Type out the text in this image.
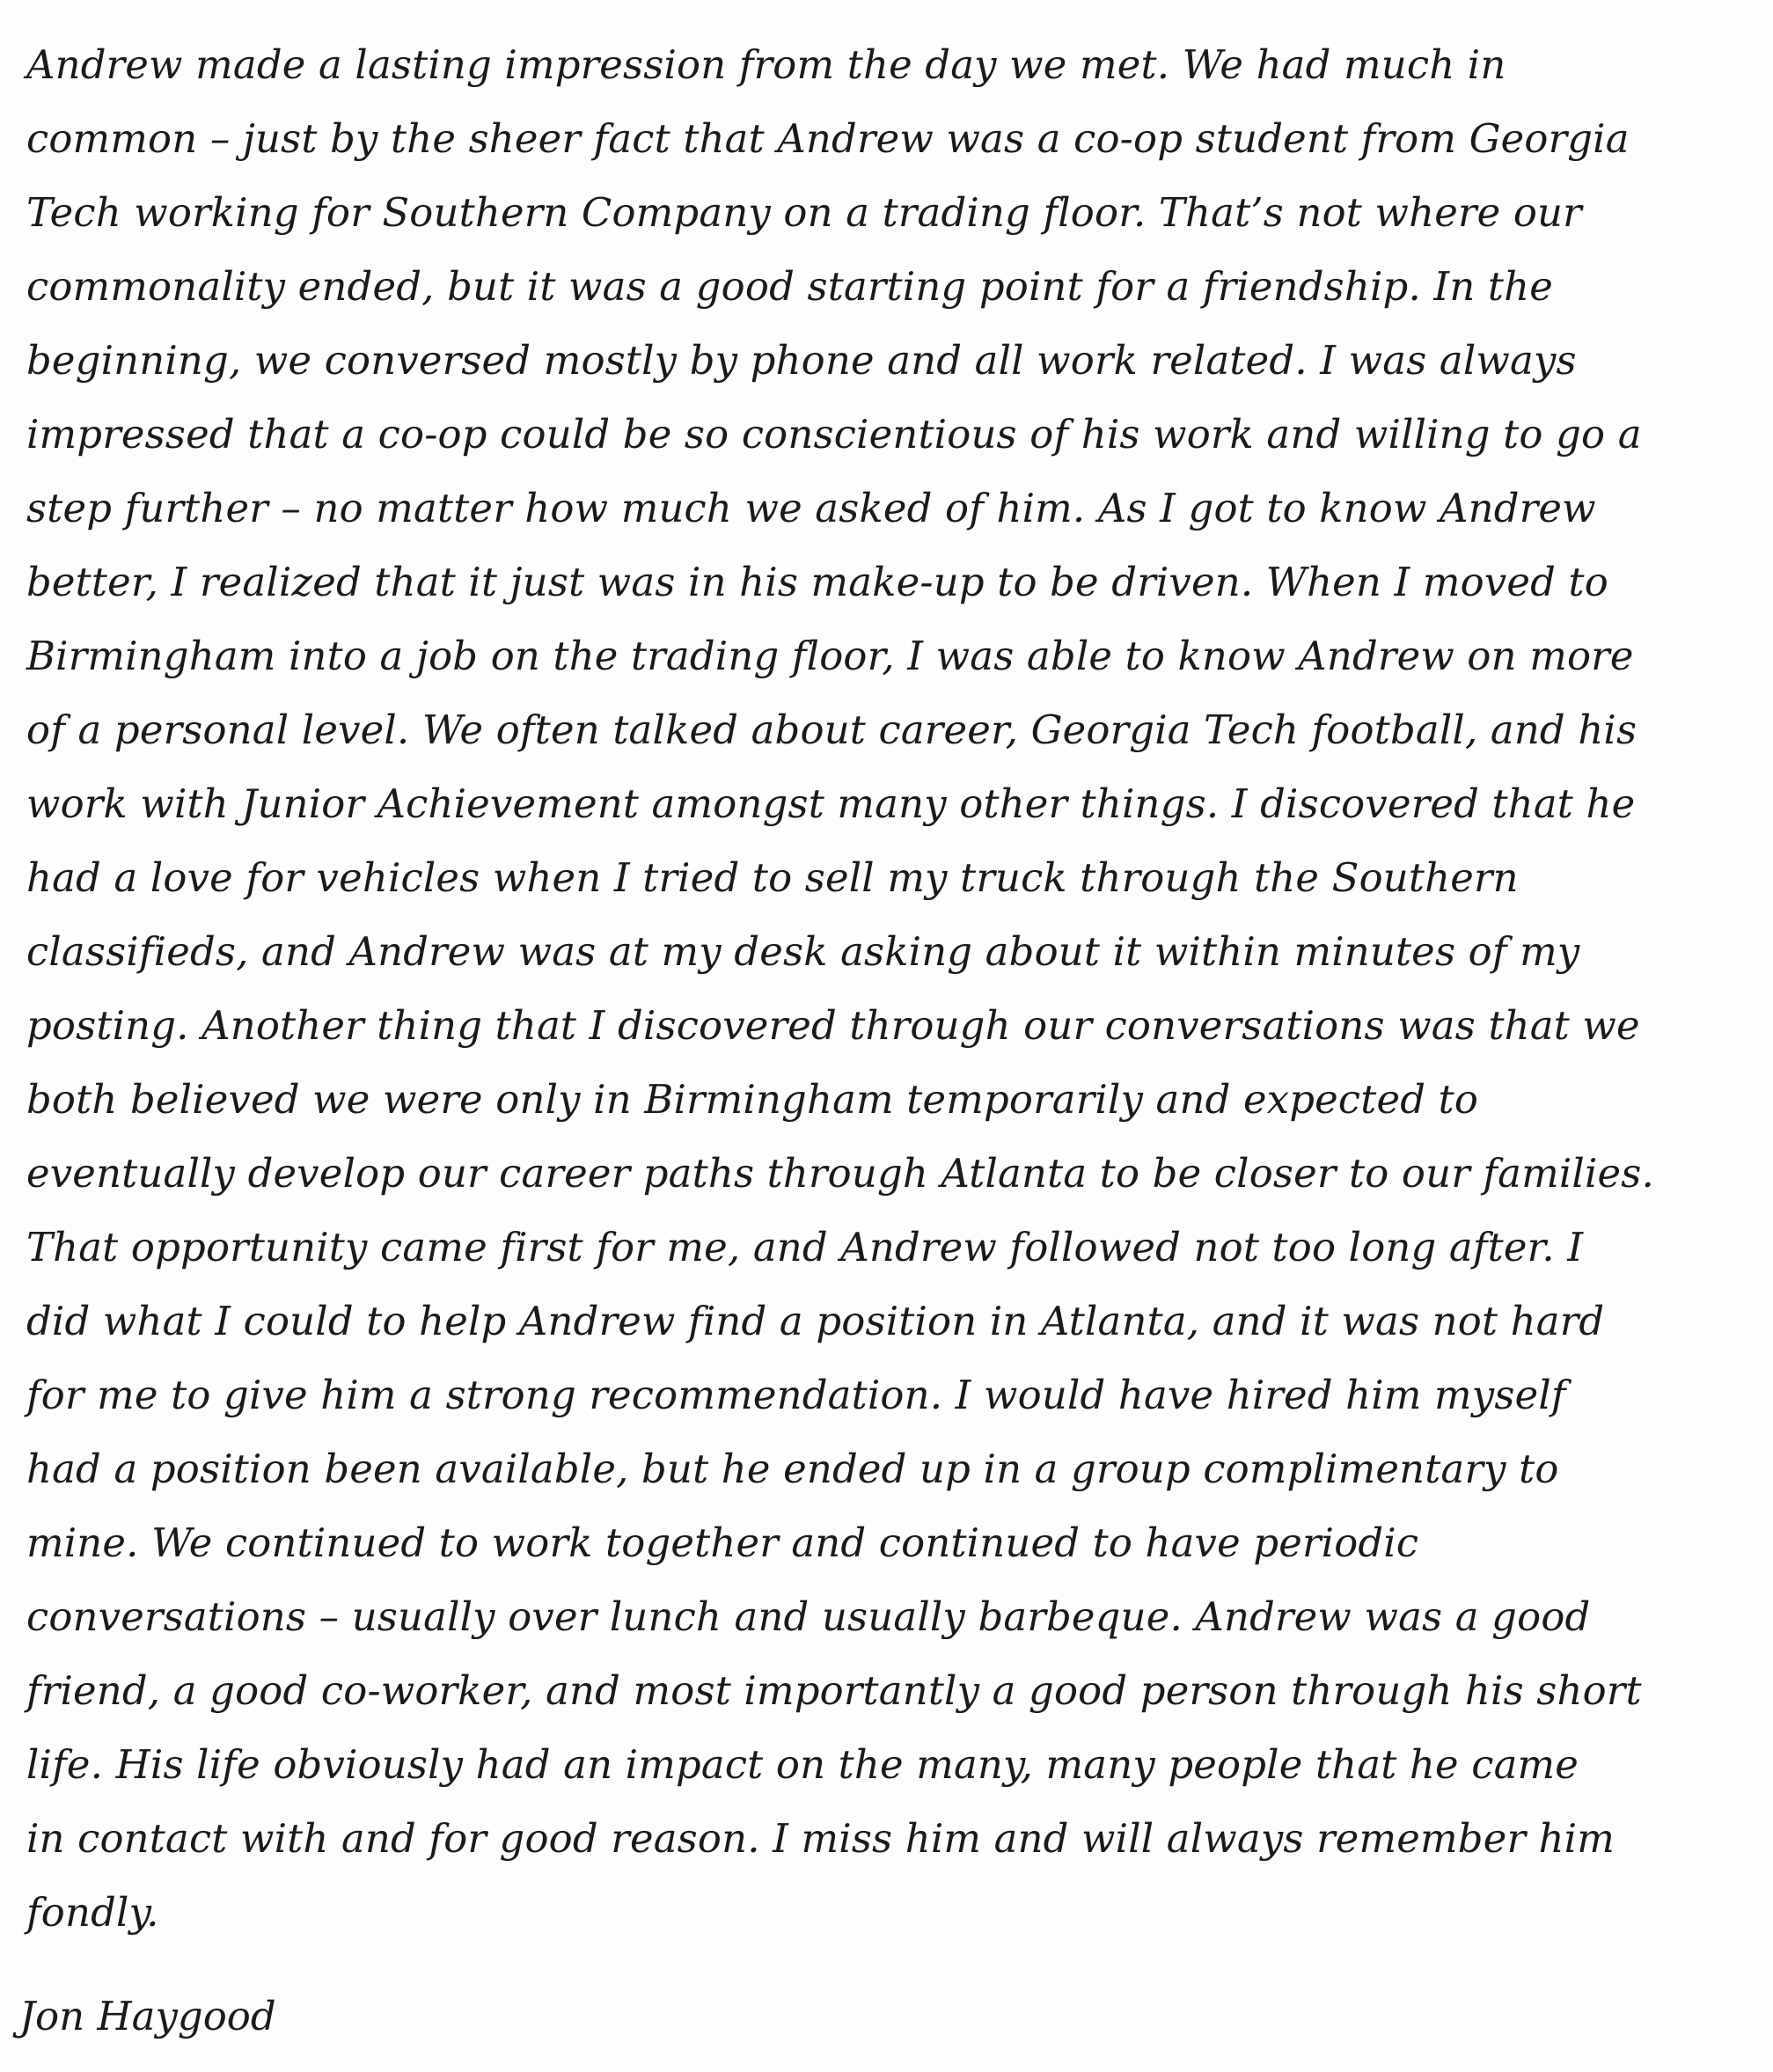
Andrew made a lasting impression from the day we met. We had much in
common – just by the sheer fact that Andrew was a co-op student from Georgia
Tech working for Southern Company on a trading floor. That’s not where our
commonality ended, but it was a good starting point for a friendship. In the
beginning, we conversed mostly by phone and all work related. I was always
impressed that a co-op could be so conscientious of his work and willing to go a
step further – no matter how much we asked of him. As I got to know Andrew
better, I realized that it just was in his make-up to be driven. When I moved to
Birmingham into a job on the trading floor, I was able to know Andrew on more
of a personal level. We often talked about career, Georgia Tech football, and his
work with Junior Achievement amongst many other things. I discovered that he
had a love for vehicles when I tried to sell my truck through the Southern
classifieds, and Andrew was at my desk asking about it within minutes of my
posting. Another thing that I discovered through our conversations was that we
both believed we were only in Birmingham temporarily and expected to
eventually develop our career paths through Atlanta to be closer to our families.
That opportunity came first for me, and Andrew followed not too long after. I
did what I could to help Andrew find a position in Atlanta, and it was not hard
for me to give him a strong recommendation. I would have hired him myself
had a position been available, but he ended up in a group complimentary to
mine. We continued to work together and continued to have periodic
conversations – usually over lunch and usually barbeque. Andrew was a good
friend, a good co-worker, and most importantly a good person through his short
life. His life obviously had an impact on the many, many people that he came
in contact with and for good reason. I miss him and will always remember him
fondly.
Jon Haygood
